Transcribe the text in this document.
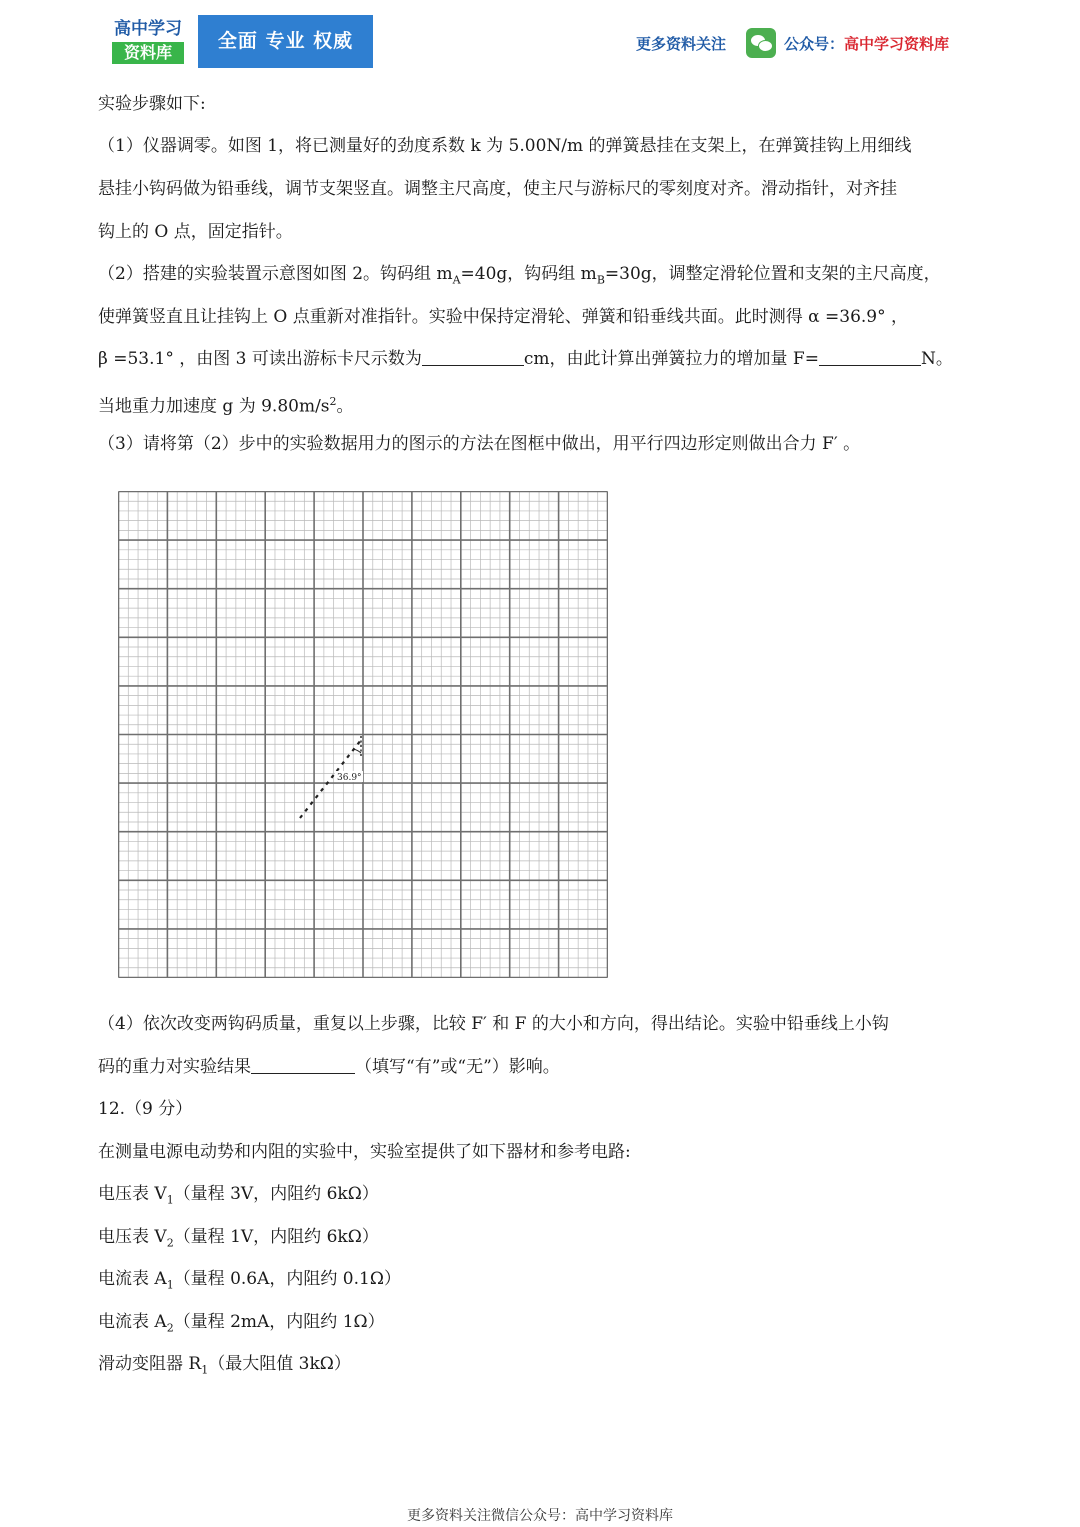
高中学习
资料库
全面 专业 权威	更多资料关注	公众号：高中学习资料库
实验步骤如下:
（1）仪器调零。如图 1，将已测量好的劲度系数 k 为 5.00N/m 的弹簧悬挂在支架上，在弹簧挂钩上用细线
悬挂小钩码做为铅垂线，调节支架竖直。调整主尺高度，使主尺与游标尺的零刻度对齐。滑动指针，对齐挂
钩上的 O 点，固定指针。
（2）搭建的实验装置示意图如图 2。钩码组 $m_A=40g$，钩码组 $m_B=30g$，调整定滑轮位置和支架的主尺高度，
使弹簧竖直且让挂钩上 O 点重新对准指针。实验中保持定滑轮、弹簧和铅垂线共面。此时测得 α =36.9° ，
β =53.1° ，由图 3 可读出游标卡尺示数为	cm，由此计算出弹簧拉力的增加量 F=	N。
当地重力加速度 g 为 $9.80m/s^2$。
（3）请将第（2）步中的实验数据用力的图示的方法在图框中做出，用平行四边形定则做出合力 F′ 。
36.9°
（4）依次改变两钩码质量，重复以上步骤，比较 F′ 和 F 的大小和方向，得出结论。实验中铅垂线上小钩
码的重力对实验结果	（填写“有”或“无”）影响。
12.（9 分）
在测量电源电动势和内阻的实验中，实验室提供了如下器材和参考电路:
电压表 $V_1$（量程 3V，内阻约 6kΩ）
电压表 $V_2$（量程 1V，内阻约 6kΩ）
电流表 $A_1$（量程 0.6A，内阻约 0.1Ω）
电流表 $A_2$（量程 2mA，内阻约 1Ω）
滑动变阻器 $R_1$（最大阻值 3kΩ）
更多资料关注微信公众号：高中学习资料库
